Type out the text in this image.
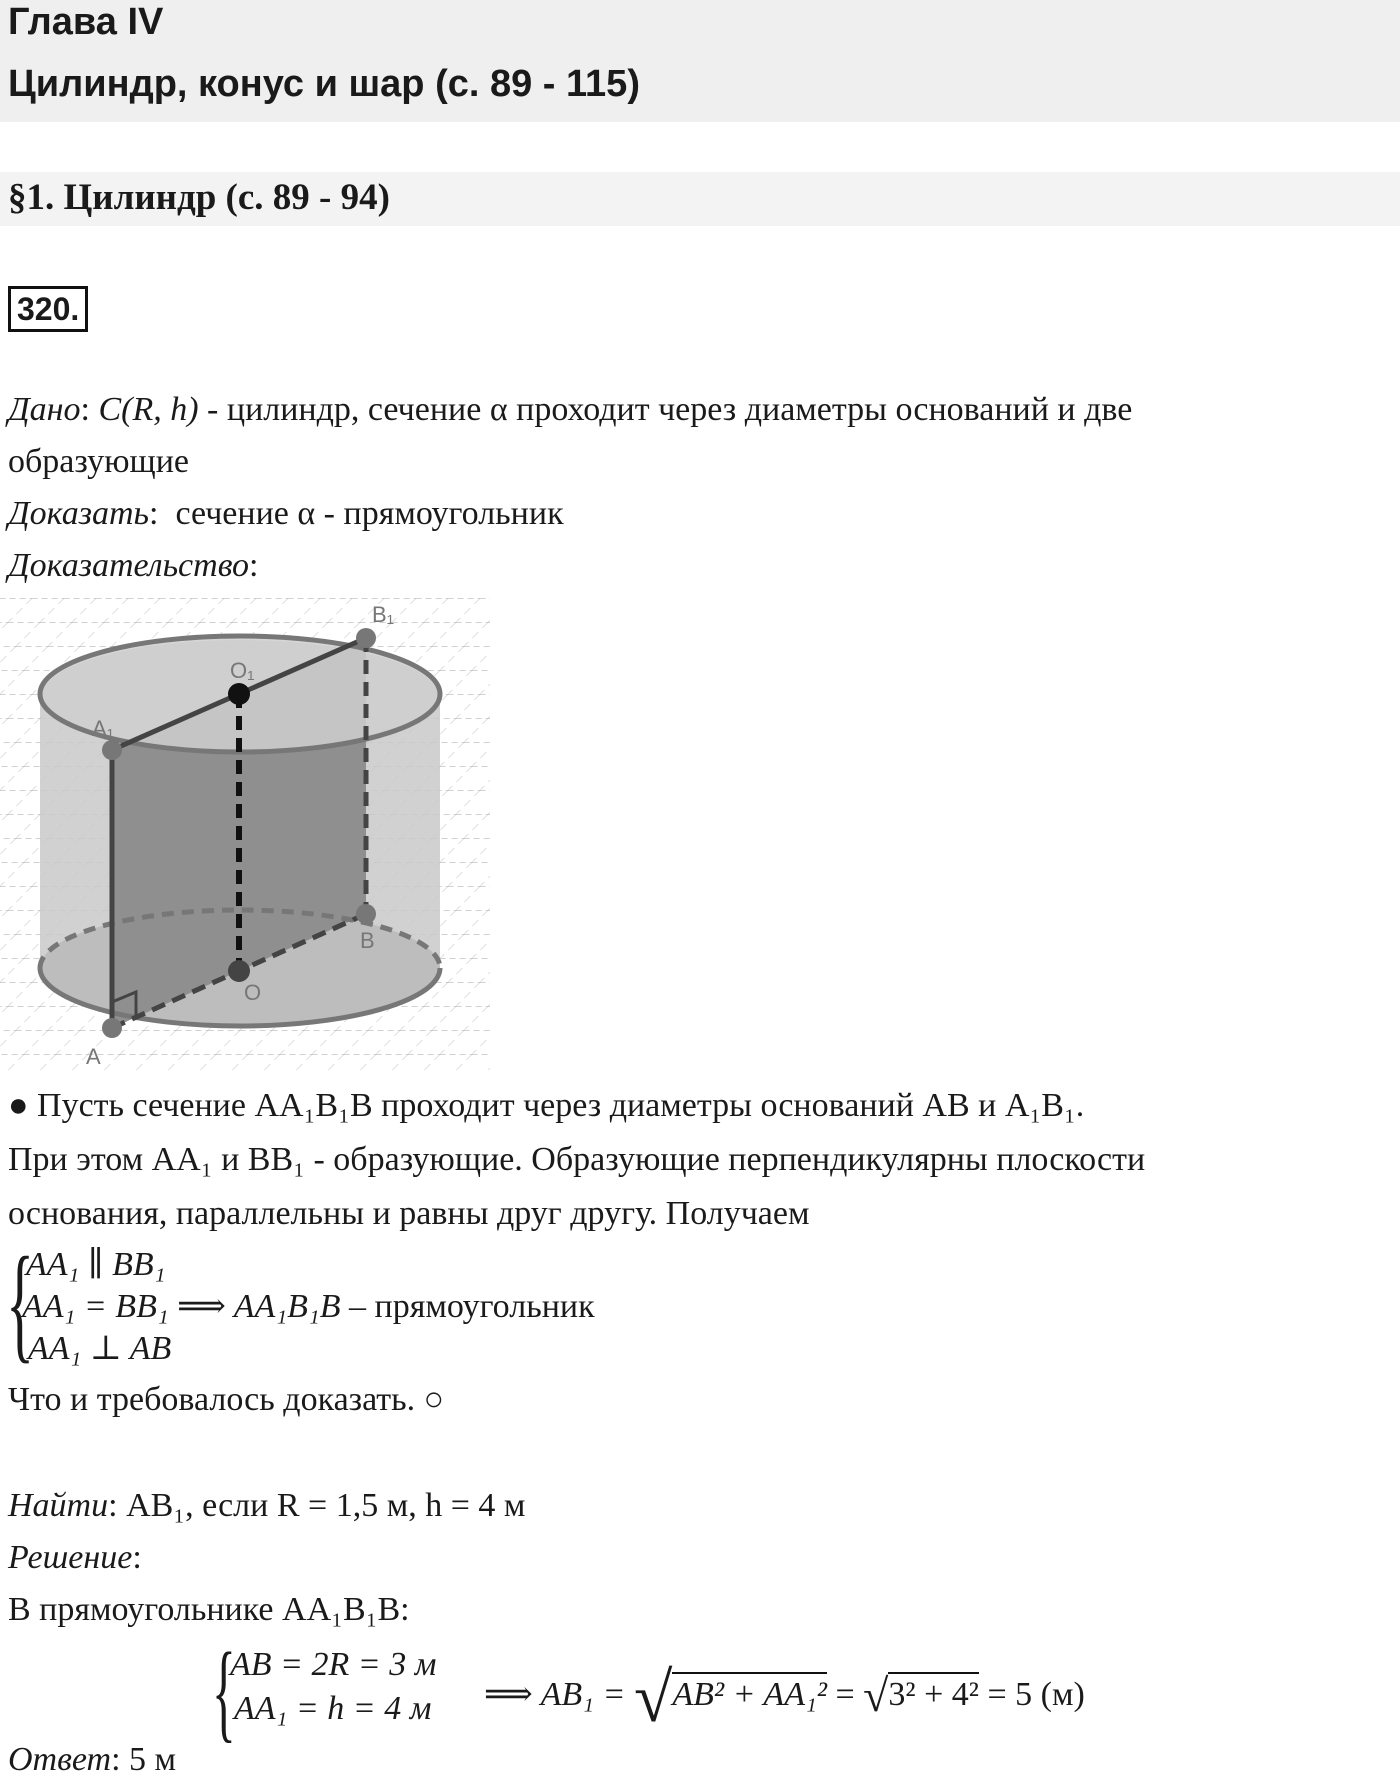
Глава IV
Цилиндр, конус и шар (с. 89 - 115)
§1. Цилиндр (с. 89 - 94)
320.
Дано: C(R, h) - цилиндр, сечение α проходит через диаметры оснований и две
образующие
Доказать:  сечение α - прямоугольник
Доказательство:
B₁
O₁
A₁
B
O
A
● Пусть сечение AA₁B₁B проходит через диаметры оснований AB и A₁B₁.
При этом AA₁ и BB₁ - образующие. Образующие перпендикулярны плоскости
основания, параллельны и равны друг другу. Получаем
{
AA₁ ∥ BB₁
AA₁ = BB₁ ⟹ AA₁B₁B – прямоугольник
AA₁ ⊥ AB
Что и требовалось доказать. ○
Найти: AB₁, если R = 1,5 м, h = 4 м
Решение:
В прямоугольнике AA₁B₁B:
{
AB = 2R = 3 м
AA₁ = h = 4 м ⟹ AB₁ = √AB² + AA₁² = √3² + 4² = 5 (м)
Ответ: 5 м
